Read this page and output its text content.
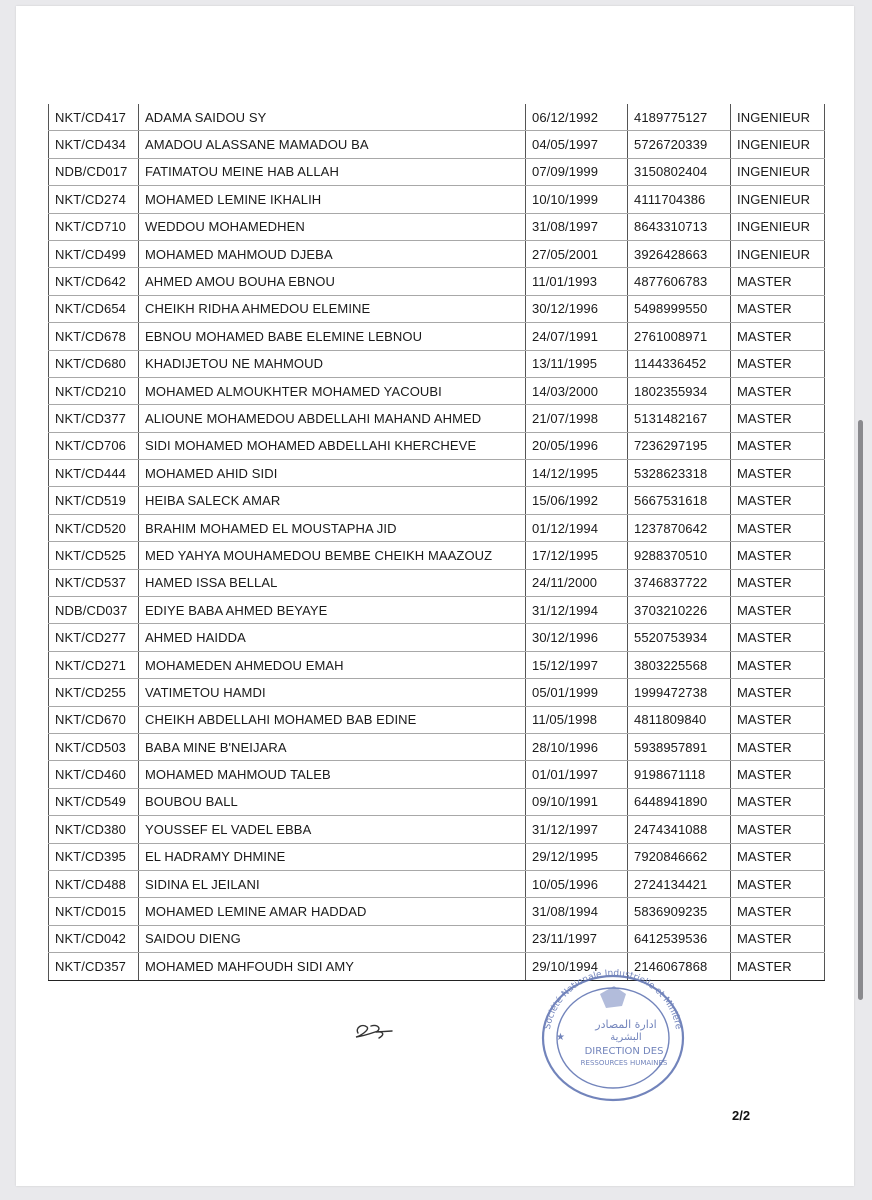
NKT/CD417	ADAMA SAIDOU SY	06/12/1992	4189775127	INGENIEUR
NKT/CD434	AMADOU ALASSANE MAMADOU BA	04/05/1997	5726720339	INGENIEUR
NDB/CD017	FATIMATOU MEINE HAB ALLAH	07/09/1999	3150802404	INGENIEUR
NKT/CD274	MOHAMED LEMINE IKHALIH	10/10/1999	4111704386	INGENIEUR
NKT/CD710	WEDDOU MOHAMEDHEN	31/08/1997	8643310713	INGENIEUR
NKT/CD499	MOHAMED MAHMOUD DJEBA	27/05/2001	3926428663	INGENIEUR
NKT/CD642	AHMED AMOU BOUHA EBNOU	11/01/1993	4877606783	MASTER
NKT/CD654	CHEIKH RIDHA AHMEDOU ELEMINE	30/12/1996	5498999550	MASTER
NKT/CD678	EBNOU MOHAMED BABE ELEMINE LEBNOU	24/07/1991	2761008971	MASTER
NKT/CD680	KHADIJETOU NE MAHMOUD	13/11/1995	1144336452	MASTER
NKT/CD210	MOHAMED ALMOUKHTER MOHAMED YACOUBI	14/03/2000	1802355934	MASTER
NKT/CD377	ALIOUNE MOHAMEDOU ABDELLAHI MAHAND AHMED	21/07/1998	5131482167	MASTER
NKT/CD706	SIDI MOHAMED MOHAMED ABDELLAHI KHERCHEVE	20/05/1996	7236297195	MASTER
NKT/CD444	MOHAMED AHID SIDI	14/12/1995	5328623318	MASTER
NKT/CD519	HEIBA SALECK AMAR	15/06/1992	5667531618	MASTER
NKT/CD520	BRAHIM MOHAMED EL MOUSTAPHA JID	01/12/1994	1237870642	MASTER
NKT/CD525	MED YAHYA MOUHAMEDOU BEMBE CHEIKH MAAZOUZ	17/12/1995	9288370510	MASTER
NKT/CD537	HAMED ISSA BELLAL	24/11/2000	3746837722	MASTER
NDB/CD037	EDIYE BABA AHMED BEYAYE	31/12/1994	3703210226	MASTER
NKT/CD277	AHMED HAIDDA	30/12/1996	5520753934	MASTER
NKT/CD271	MOHAMEDEN AHMEDOU EMAH	15/12/1997	3803225568	MASTER
NKT/CD255	VATIMETOU HAMDI	05/01/1999	1999472738	MASTER
NKT/CD670	CHEIKH ABDELLAHI MOHAMED BAB EDINE	11/05/1998	4811809840	MASTER
NKT/CD503	BABA MINE B'NEIJARA	28/10/1996	5938957891	MASTER
NKT/CD460	MOHAMED MAHMOUD TALEB	01/01/1997	9198671118	MASTER
NKT/CD549	BOUBOU BALL	09/10/1991	6448941890	MASTER
NKT/CD380	YOUSSEF EL VADEL EBBA	31/12/1997	2474341088	MASTER
NKT/CD395	EL HADRAMY DHMINE	29/12/1995	7920846662	MASTER
NKT/CD488	SIDINA EL JEILANI	10/05/1996	2724134421	MASTER
NKT/CD015	MOHAMED LEMINE AMAR HADDAD	31/08/1994	5836909235	MASTER
NKT/CD042	SAIDOU DIENG	23/11/1997	6412539536	MASTER
NKT/CD357	MOHAMED MAHFOUDH SIDI AMY	29/10/1994	2146067868	MASTER
Société Nationale Industrielle et Minière
ادارة المصادر
البشرية
DIRECTION DES
RESSOURCES HUMAINES
★
2/2
